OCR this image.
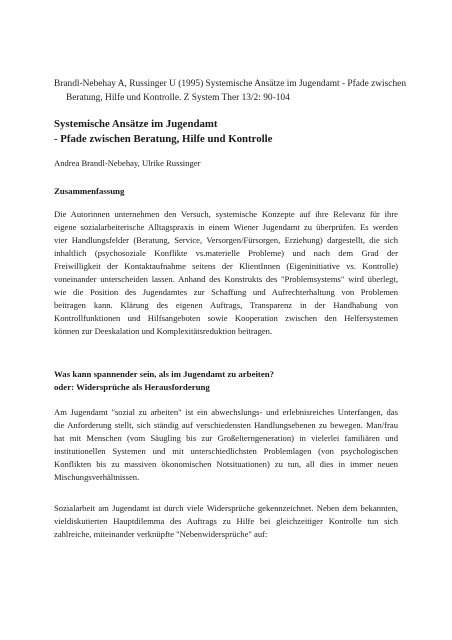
Brandl-Nebehay A, Russinger U (1995) Systemische Ansätze im Jugendamt - Pfade zwischen Beratung, Hilfe und Kontrolle. Z System Ther 13/2: 90-104
Systemische Ansätze im Jugendamt
- Pfade zwischen Beratung, Hilfe und Kontrolle
Andrea Brandl-Nebehay, Ulrike Russinger
Zusammenfassung

Die Autorinnen unternehmen den Versuch, systemische Konzepte auf ihre Relevanz für ihre
eigene sozialarbeiterische Alltagspraxis in einem Wiener Jugendamt zu überprüfen. Es werden
vier Handlungsfelder (Beratung, Service, Versorgen/Fürsorgen, Erziehung) dargestellt, die sich
inhaltlich (psychosoziale Konflikte vs.materielle Probleme) und nach dem Grad der
Freiwilligkeit der Kontaktaufnahme seitens der KlientInnen (Eigeninitiative vs. Kontrolle)
voneinander unterscheiden lassen. Anhand des Konstrukts des "Problemsystems" wird überlegt,
wie die Position des Jugendamtes zur Schaffung und Aufrechterhaltung von Problemen
beitragen kann. Klärung des eigenen Auftrags, Transparenz in der Handhabung von
Kontrollfunktionen und Hilfsangeboten sowie Kooperation zwischen den Helfersystemen
können zur Deeskalation und Komplexitätsreduktion beitragen.

Was kann spannender sein, als im Jugendamt zu arbeiten?
oder: Widersprüche als Herausforderung

Am Jugendamt "sozial zu arbeiten" ist ein abwechslungs- und erlebnisreiches Unterfangen, das
die Anforderung stellt, sich ständig auf verschiedensten Handlungsebenen zu bewegen. Man/frau
hat mit Menschen (vom Säugling bis zur Großelterngeneration) in vielerlei familiären und
institutionellen Systemen und mit unterschiedlichsten Problemlagen (von psychologischen
Konflikten bis zu massiven ökonomischen Notsituationen) zu tun, all dies in immer neuen
Mischungsverhältnissen.

Sozialarbeit am Jugendamt ist durch viele Widersprüche gekennzeichnet. Neben dem bekannten,
vieldiskutierten Hauptdilemma des Auftrags zu Hilfe bei gleichzeitiger Kontrolle tun sich
zahlreiche, miteinander verknüpfte "Nebenwidersprüche" auf:
